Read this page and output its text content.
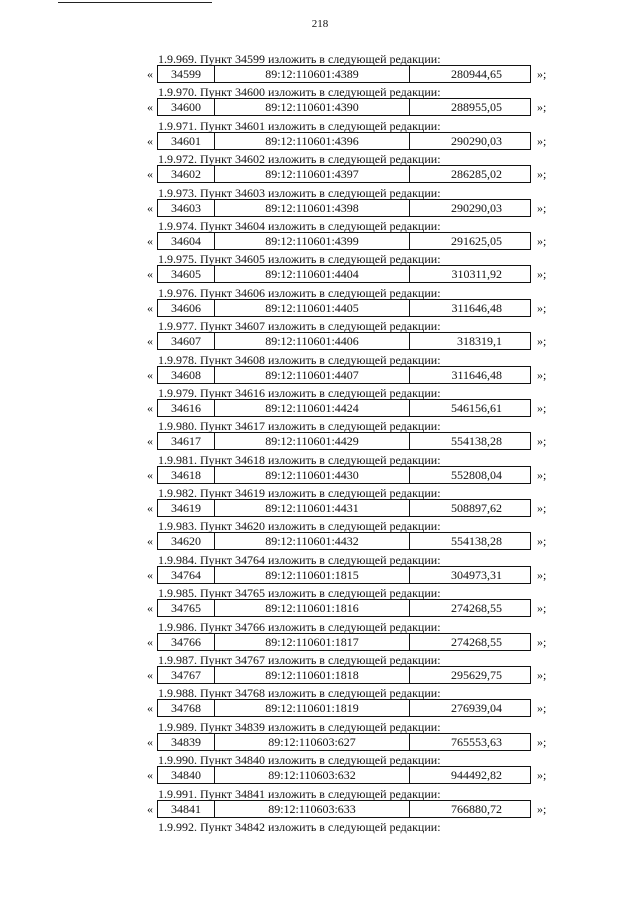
218
1.9.969. Пункт 34599 изложить в следующей редакции:
«	34599	89:12:110601:4389	280944,65	»;
1.9.970. Пункт 34600 изложить в следующей редакции:
«	34600	89:12:110601:4390	288955,05	»;
1.9.971. Пункт 34601 изложить в следующей редакции:
«	34601	89:12:110601:4396	290290,03	»;
1.9.972. Пункт 34602 изложить в следующей редакции:
«	34602	89:12:110601:4397	286285,02	»;
1.9.973. Пункт 34603 изложить в следующей редакции:
«	34603	89:12:110601:4398	290290,03	»;
1.9.974. Пункт 34604 изложить в следующей редакции:
«	34604	89:12:110601:4399	291625,05	»;
1.9.975. Пункт 34605 изложить в следующей редакции:
«	34605	89:12:110601:4404	310311,92	»;
1.9.976. Пункт 34606 изложить в следующей редакции:
«	34606	89:12:110601:4405	311646,48	»;
1.9.977. Пункт 34607 изложить в следующей редакции:
«	34607	89:12:110601:4406	318319,1	»;
1.9.978. Пункт 34608 изложить в следующей редакции:
«	34608	89:12:110601:4407	311646,48	»;
1.9.979. Пункт 34616 изложить в следующей редакции:
«	34616	89:12:110601:4424	546156,61	»;
1.9.980. Пункт 34617 изложить в следующей редакции:
«	34617	89:12:110601:4429	554138,28	»;
1.9.981. Пункт 34618 изложить в следующей редакции:
«	34618	89:12:110601:4430	552808,04	»;
1.9.982. Пункт 34619 изложить в следующей редакции:
«	34619	89:12:110601:4431	508897,62	»;
1.9.983. Пункт 34620 изложить в следующей редакции:
«	34620	89:12:110601:4432	554138,28	»;
1.9.984. Пункт 34764 изложить в следующей редакции:
«	34764	89:12:110601:1815	304973,31	»;
1.9.985. Пункт 34765 изложить в следующей редакции:
«	34765	89:12:110601:1816	274268,55	»;
1.9.986. Пункт 34766 изложить в следующей редакции:
«	34766	89:12:110601:1817	274268,55	»;
1.9.987. Пункт 34767 изложить в следующей редакции:
«	34767	89:12:110601:1818	295629,75	»;
1.9.988. Пункт 34768 изложить в следующей редакции:
«	34768	89:12:110601:1819	276939,04	»;
1.9.989. Пункт 34839 изложить в следующей редакции:
«	34839	89:12:110603:627	765553,63	»;
1.9.990. Пункт 34840 изложить в следующей редакции:
«	34840	89:12:110603:632	944492,82	»;
1.9.991. Пункт 34841 изложить в следующей редакции:
«	34841	89:12:110603:633	766880,72	»;
1.9.992. Пункт 34842 изложить в следующей редакции:
